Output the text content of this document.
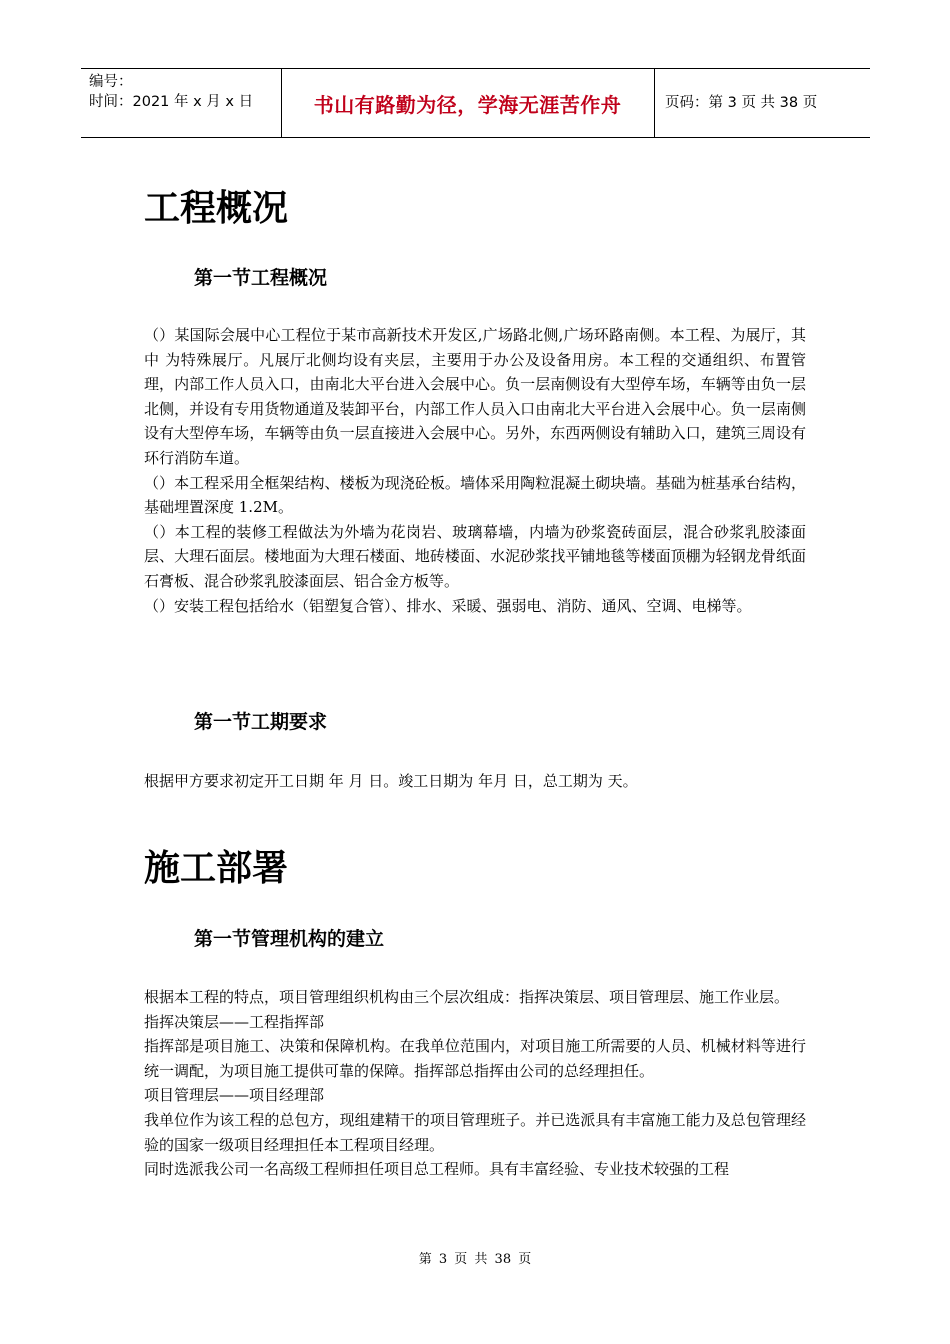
编号：
时间：2021 年 x 月 x 日	书山有路勤为径，学海无涯苦作舟	页码：第 3 页 共 38 页
工程概况
第一节工程概况

（）某国际会展中心工程位于某市高新技术开发区,广场路北侧,广场环路南侧。本工程、为展厅，其中 为特殊展厅。凡展厅北侧均设有夹层，主要用于办公及设备用房。本工程的交通组织、布置管理，内部工作人员入口，由南北大平台进入会展中心。负一层南侧设有大型停车场，车辆等由负一层北侧，并设有专用货物通道及装卸平台，内部工作人员入口由南北大平台进入会展中心。负一层南侧设有大型停车场，车辆等由负一层直接进入会展中心。另外，东西两侧设有辅助入口，建筑三周设有环行消防车道。

（）本工程采用全框架结构、楼板为现浇砼板。墙体采用陶粒混凝土砌块墙。基础为桩基承台结构，基础埋置深度 1.2M。

（）本工程的装修工程做法为外墙为花岗岩、玻璃幕墙，内墙为砂浆瓷砖面层，混合砂浆乳胶漆面层、大理石面层。楼地面为大理石楼面、地砖楼面、水泥砂浆找平铺地毯等楼面顶棚为轻钢龙骨纸面石膏板、混合砂浆乳胶漆面层、铝合金方板等。

（）安装工程包括给水（铝塑复合管）、排水、采暖、强弱电、消防、通风、空调、电梯等。

第一节工期要求

根据甲方要求初定开工日期 年 月 日。竣工日期为 年月 日，总工期为 天。

施工部署
第一节管理机构的建立

根据本工程的特点，项目管理组织机构由三个层次组成：指挥决策层、项目管理层、施工作业层。

指挥决策层——工程指挥部

指挥部是项目施工、决策和保障机构。在我单位范围内，对项目施工所需要的人员、机械材料等进行统一调配，为项目施工提供可靠的保障。指挥部总指挥由公司的总经理担任。

项目管理层——项目经理部

我单位作为该工程的总包方，现组建精干的项目管理班子。并已选派具有丰富施工能力及总包管理经验的国家一级项目经理担任本工程项目经理。

同时选派我公司一名高级工程师担任项目总工程师。具有丰富经验、专业技术较强的工程

第 3 页 共 38 页
